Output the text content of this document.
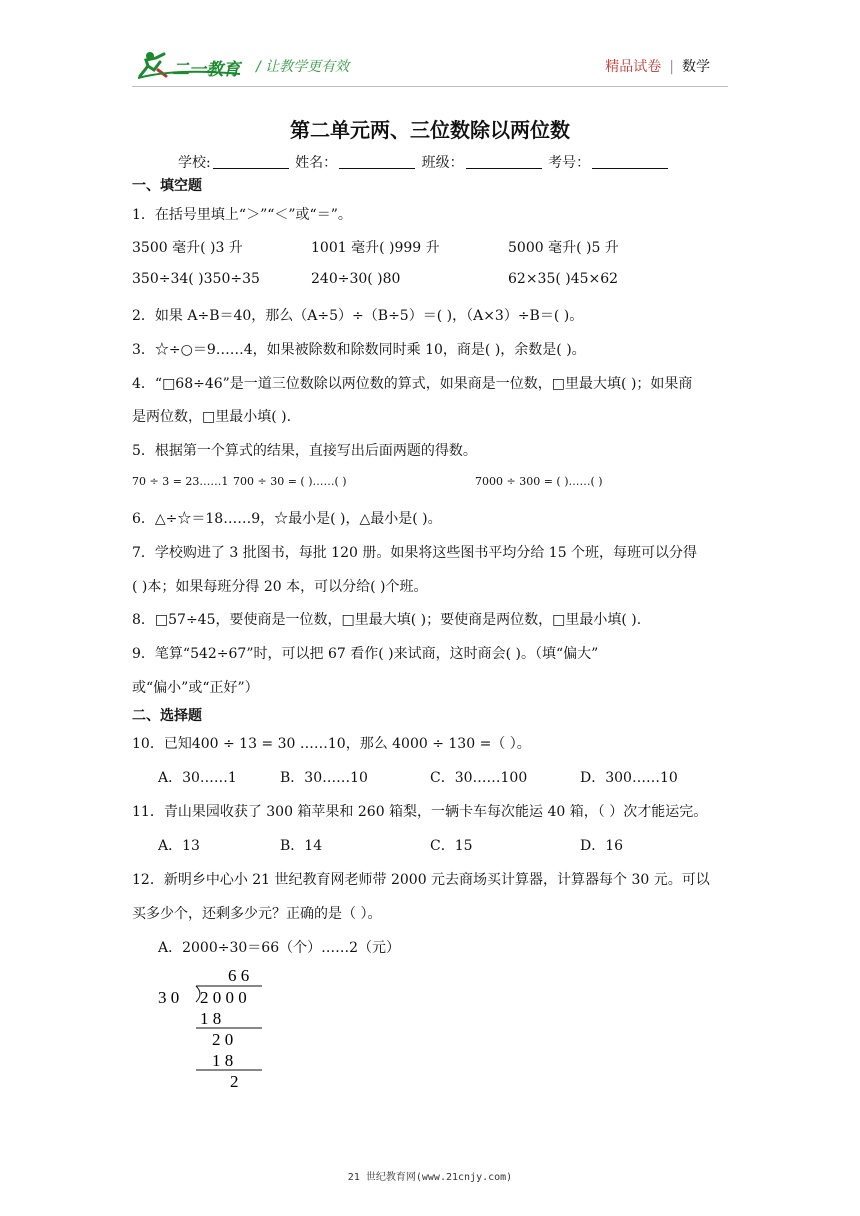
二一教育 / 让教学更有效	精品试卷 | 数学
第二单元两、三位数除以两位数
学校:	姓名：	班级：	考号：
一、填空题
1．在括号里填上“＞”“＜”或“＝”。
3500 毫升( )3 升	1001 毫升( )999 升	5000 毫升( )5 升
350÷34( )350÷35	240÷30( )80	62×35( )45×62
2．如果 A÷B＝40，那么（A÷5）÷（B÷5）＝( )，（A×3）÷B＝( )。
3．☆÷○＝9……4，如果被除数和除数同时乘 10，商是( )，余数是( )。
4．“□68÷46”是一道三位数除以两位数的算式，如果商是一位数，□里最大填( )；如果商
是两位数，□里最小填( ).
5．根据第一个算式的结果，直接写出后面两题的得数。
70 ÷ 3 = 23……1 700 ÷ 30 = ( )……( )	7000 ÷ 300 = ( )……( )
6．△÷☆＝18……9，☆最小是( )，△最小是( )。
7．学校购进了 3 批图书，每批 120 册。如果将这些图书平均分给 15 个班，每班可以分得
( )本；如果每班分得 20 本，可以分给( )个班。
8．□57÷45，要使商是一位数，□里最大填( )；要使商是两位数，□里最小填( ).
9．笔算“542÷67”时，可以把 67 看作( )来试商，这时商会( )。（填“偏大”
或“偏小”或“正好”）
二、选择题
10．已知400 ÷ 13 = 30 ……10，那么 4000 ÷ 130 =（ ）。
A．30……1	B．30……10	C．30……100	D．300……10
11．青山果园收获了 300 箱苹果和 260 箱梨，一辆卡车每次能运 40 箱，（ ）次才能运完。
A．13	B．14	C．15	D．16
12．新明乡中心小 21 世纪教育网老师带 2000 元去商场买计算器，计算器每个 30 元。可以
买多少个，还剩多少元？正确的是（ ）。
A．2000÷30＝66（个）……2（元）
6 6
3 0 2 0 0 0
1 8
2 0
1 8
2
21 世纪教育网(www.21cnjy.com)
